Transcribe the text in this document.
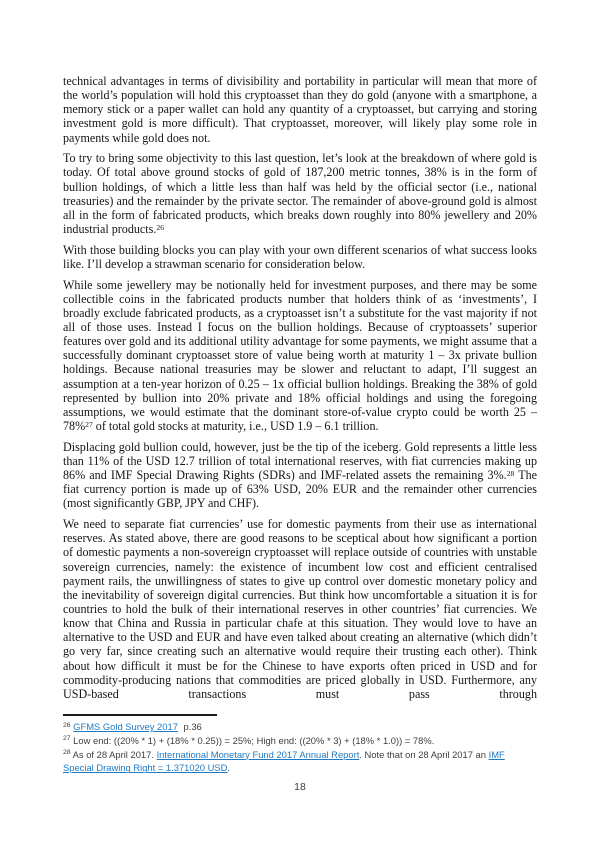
technical advantages in terms of divisibility and portability in particular will mean that more of the world’s population will hold this cryptoasset than they do gold (anyone with a smartphone, a memory stick or a paper wallet can hold any quantity of a cryptoasset, but carrying and storing investment gold is more difficult). That cryptoasset, moreover, will likely play some role in payments while gold does not.

To try to bring some objectivity to this last question, let’s look at the breakdown of where gold is today. Of total above ground stocks of gold of 187,200 metric tonnes, 38% is in the form of bullion holdings, of which a little less than half was held by the official sector (i.e., national treasuries) and the remainder by the private sector. The remainder of above-ground gold is almost all in the form of fabricated products, which breaks down roughly into 80% jewellery and 20% industrial products.$^{26}$

With those building blocks you can play with your own different scenarios of what success looks like. I’ll develop a strawman scenario for consideration below.

While some jewellery may be notionally held for investment purposes, and there may be some collectible coins in the fabricated products number that holders think of as ‘investments’, I broadly exclude fabricated products, as a cryptoasset isn’t a substitute for the vast majority if not all of those uses. Instead I focus on the bullion holdings. Because of cryptoassets’ superior features over gold and its additional utility advantage for some payments, we might assume that a successfully dominant cryptoasset store of value being worth at maturity 1 – 3x private bullion holdings. Because national treasuries may be slower and reluctant to adapt, I’ll suggest an assumption at a ten-year horizon of 0.25 – 1x official bullion holdings. Breaking the 38% of gold represented by bullion into 20% private and 18% official holdings and using the foregoing assumptions, we would estimate that the dominant store-of-value crypto could be worth 25 – 78%$^{27}$ of total gold stocks at maturity, i.e., USD 1.9 – 6.1 trillion.

Displacing gold bullion could, however, just be the tip of the iceberg. Gold represents a little less than 11% of the USD 12.7 trillion of total international reserves, with fiat currencies making up 86% and IMF Special Drawing Rights (SDRs) and IMF-related assets the remaining 3%.$^{28}$ The fiat currency portion is made up of 63% USD, 20% EUR and the remainder other currencies (most significantly GBP, JPY and CHF).

We need to separate fiat currencies’ use for domestic payments from their use as international reserves. As stated above, there are good reasons to be sceptical about how significant a portion of domestic payments a non-sovereign cryptoasset will replace outside of countries with unstable sovereign currencies, namely: the existence of incumbent low cost and efficient centralised payment rails, the unwillingness of states to give up control over domestic monetary policy and the inevitability of sovereign digital currencies. But think how uncomfortable a situation it is for countries to hold the bulk of their international reserves in other countries’ fiat currencies. We know that China and Russia in particular chafe at this situation. They would love to have an alternative to the USD and EUR and have even talked about creating an alternative (which didn’t go very far, since creating such an alternative would require their trusting each other). Think about how difficult it must be for the Chinese to have exports often priced in USD and for commodity-producing nations that commodities are priced globally in USD. Furthermore, any USD-based transactions must pass through

$^{26}$ GFMS Gold Survey 2017 p.36
$^{27}$ Low end: ((20% * 1) + (18% * 0.25)) = 25%; High end: ((20% * 3) + (18% * 1.0)) = 78%.
$^{28}$ As of 28 April 2017. International Monetary Fund 2017 Annual Report. Note that on 28 April 2017 an IMF Special Drawing Right = 1.371020 USD.
18
